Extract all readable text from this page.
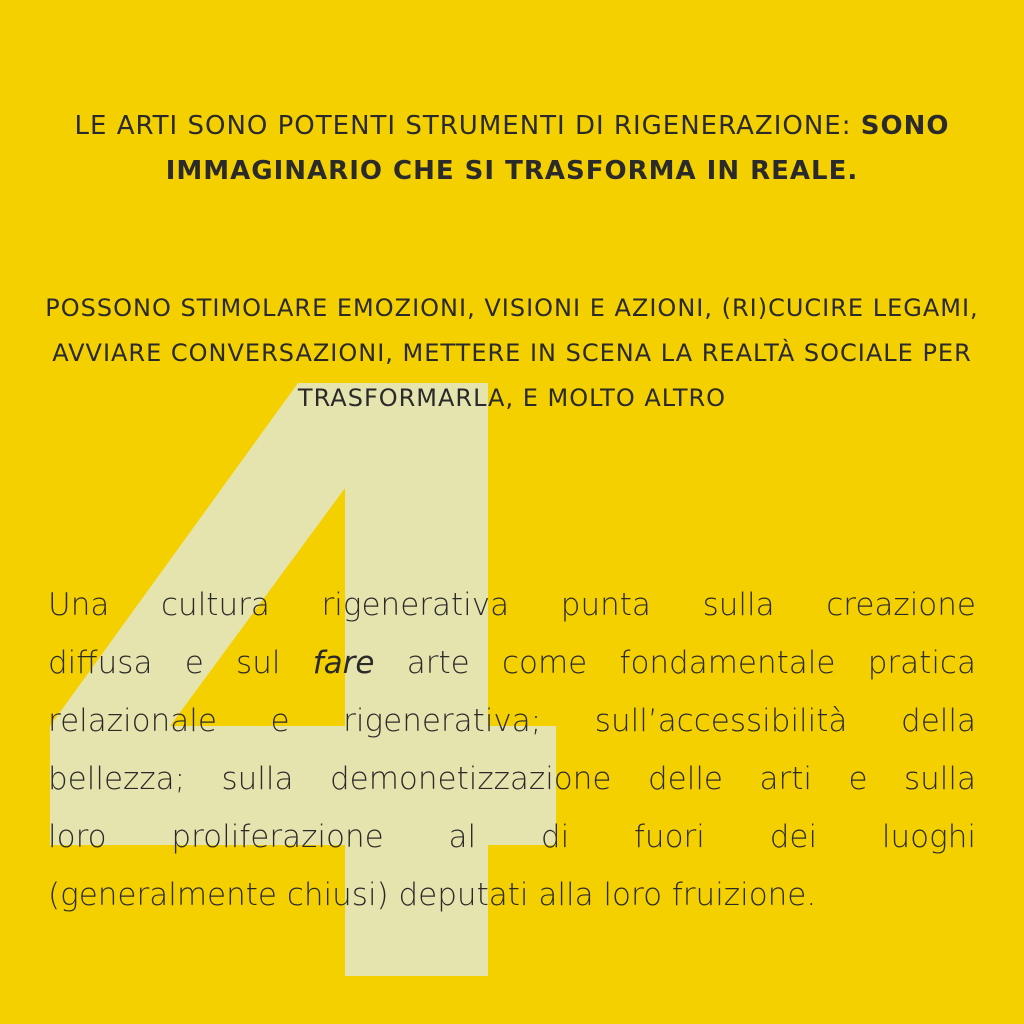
LE ARTI SONO POTENTI STRUMENTI DI RIGENERAZIONE: SONO IMMAGINARIO CHE SI TRASFORMA IN REALE.
POSSONO STIMOLARE EMOZIONI, VISIONI E AZIONI, (RI)CUCIRE LEGAMI, AVVIARE CONVERSAZIONI, METTERE IN SCENA LA REALTÀ SOCIALE PER TRASFORMARLA, E MOLTO ALTRO
Una cultura rigenerativa punta sulla creazione
diffusa e sul fare arte come fondamentale pratica
relazionale e rigenerativa; sull’accessibilità della
bellezza; sulla demonetizzazione delle arti e sulla
loro proliferazione al di fuori dei luoghi
(generalmente chiusi) deputati alla loro fruizione.
